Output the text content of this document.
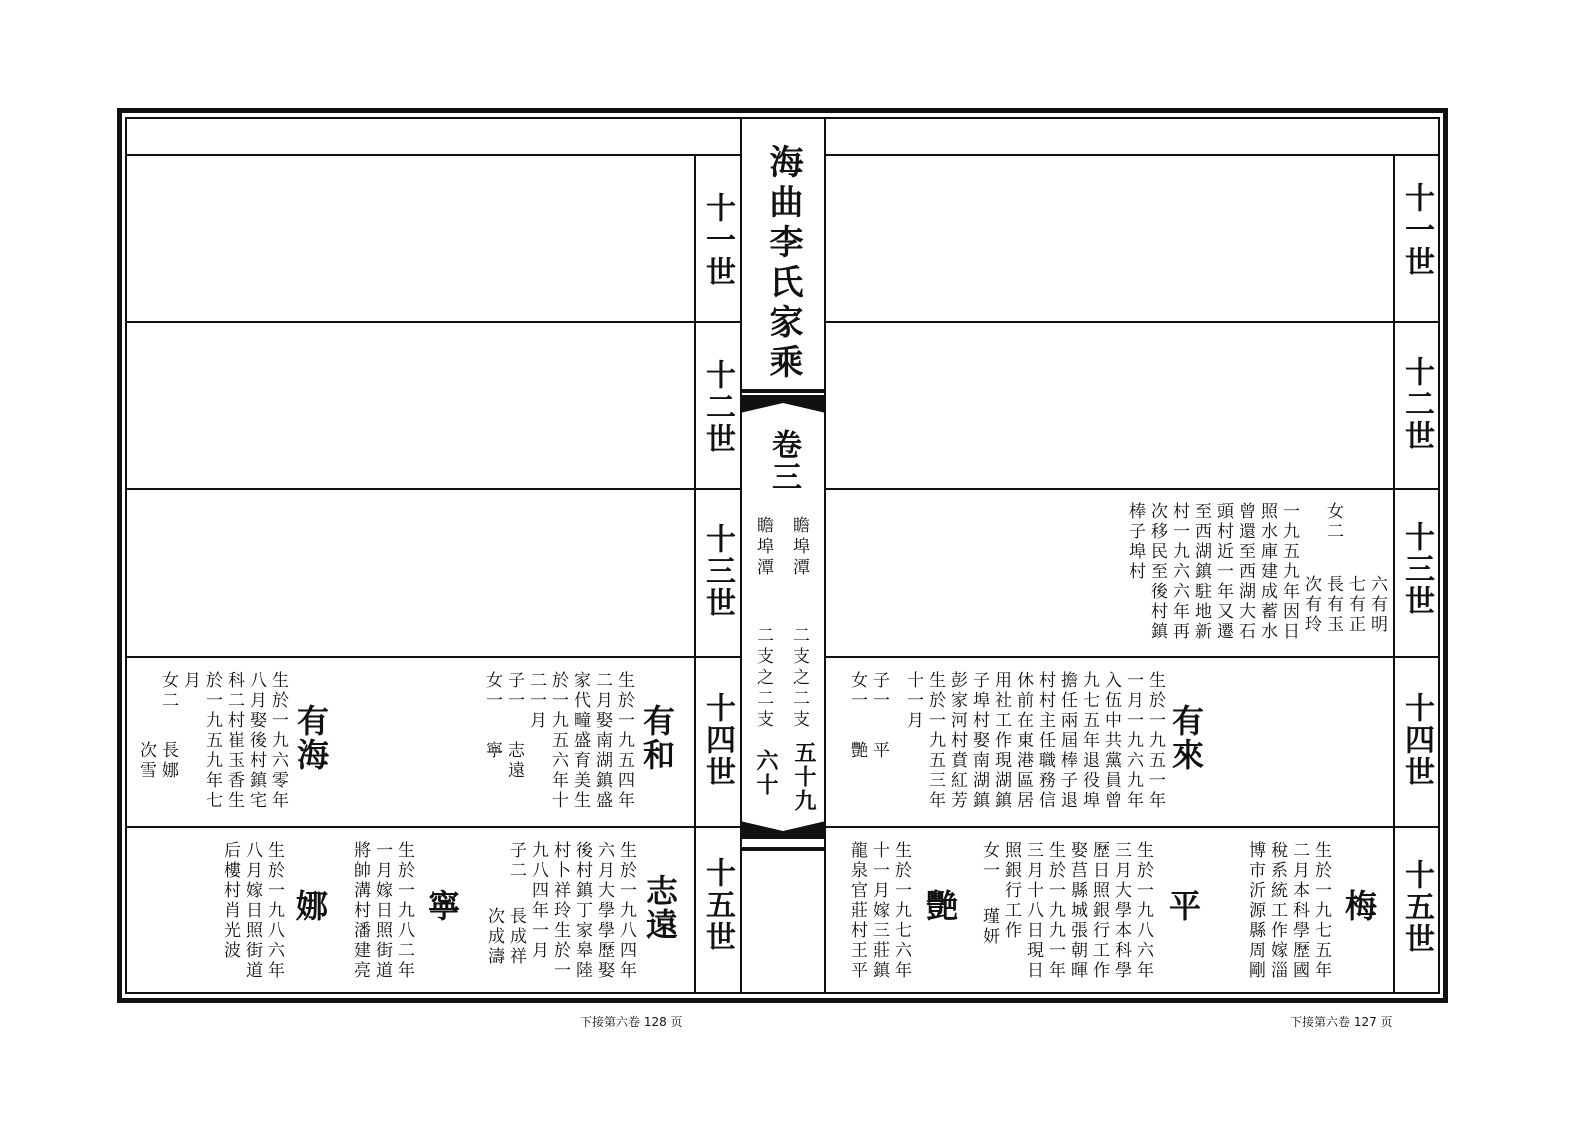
十一世
十二世
十三世
十四世
十五世
有和
生於一九五四年
二月娶南湖鎮盛
家代疃盛育美生
於一九五六年十
二一月
子一
志遠
女一
寧
有海
生於一九六零年
八月娶後村鎮宅
科二村崔玉香生
於一九五九年七
月
女二
長娜
次雪
志遠
生於一九八四年
六月大學學歷娶
後村鎮丁家皋陸
村卜祥玲生於一
九八四年一月
子二
長成祥
次成濤
寧
生於一九八二年
一月嫁日照街道
將帥溝村潘建亮
娜
生於一九八六年
八月嫁日照街道
后樓村肖光波
海曲李氏家乘
卷三
瞻埠潭
二支之二支
五十九
瞻埠潭
二支之二支
六十
十一世
十二世
十三世
十四世
十五世
六有明
七有正
長有玉
次有玲
女二
一九五九年因日
照水庫建成蓄水
曾還至西湖大石
頭村近一年又遷
至西湖鎮駐地新
村一九六六年再
次移民至後村鎮
棒子埠村
有來
生於一九五一年
一月一九六九年
入伍中共黨員曾
九七五年退役埠
擔任兩屆棒子退
村村主任職務信
休前在東港區居
用社工作現湖鎮
子埠村娶南湖鎮
彭家河村賁紅芳
生於一九五三年
十一月
子一
平
女一
艷
梅
生於一九七五年
二月本科學歷國
稅系統工作嫁淄
博市沂源縣周剛
平
生於一九八六年
三月大學本科學
歷日照銀行工作
娶莒縣城張朝暉
生於一九九一年
三月十八日現日
照銀行工作
女一
瑾妍
艷
生於一九七六年
十一月嫁三莊鎮
龍泉官莊村王平
下接第六卷 128 页	下接第六卷 127 页
